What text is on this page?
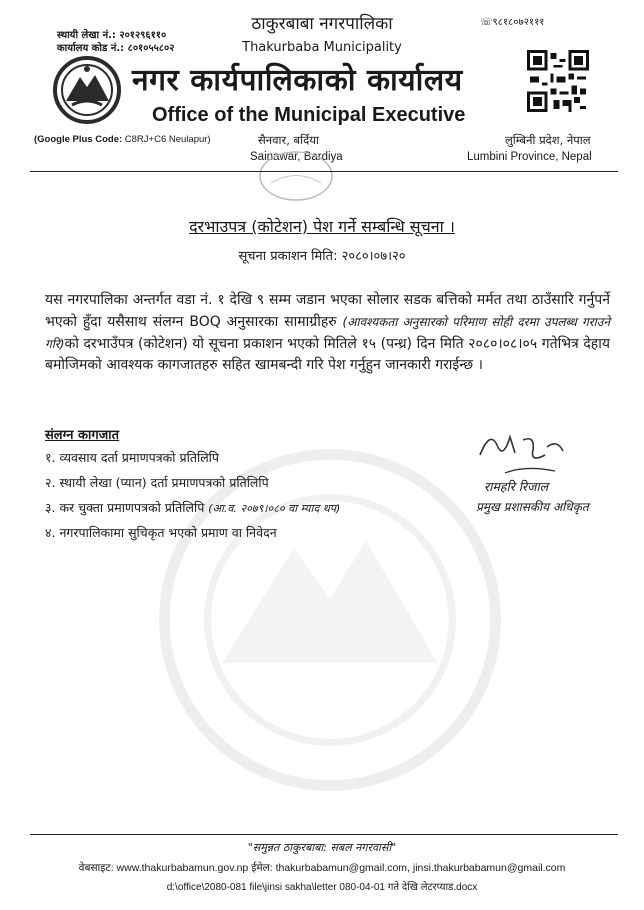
स्थायी लेखा नं.: २०१२९६११०
कार्यालय कोड नं.: ८०१०५५८०२
ठाकुरबाबा नगरपालिका
Thakurbaba Municipality
☏९८१८०७२१११
नगर कार्यपालिकाको कार्यालय
Office of the Municipal Executive
(Google Plus Code: C8RJ+C6 Neulapur)	सैनवार, बर्दिया
Sainawar, Bardiya
लुम्बिनी प्रदेश, नेपाल
Lumbini Province, Nepal
दरभाउपत्र (कोटेशन) पेश गर्ने सम्बन्धि सूचना ।
सूचना प्रकाशन मिति: २०८०।०७।२०
यस नगरपालिका अन्तर्गत वडा नं. १ देखि ९ सम्म जडान भएका सोलार सडक बत्तिको मर्मत तथा ठाउँसारि गर्नुपर्ने भएको हुँदा यसैसाथ संलग्न BOQ अनुसारका सामाग्रीहरु (आवश्यकता अनुसारको परिमाण सोही दरमा उपलब्ध गराउने गरि)को दरभाउँपत्र (कोटेशन) यो सूचना प्रकाशन भएको मितिले १५ (पन्ध्र) दिन मिति २०८०।०८।०५ गतेभित्र देहाय बमोजिमको आवश्यक कागजातहरु सहित खामबन्दी गरि पेश गर्नुहुन जानकारी गराईन्छ ।
संलग्न कागजात
१. व्यवसाय दर्ता प्रमाणपत्रको प्रतिलिपि
२. स्थायी लेखा (प्यान) दर्ता प्रमाणपत्रको प्रतिलिपि
३. कर चुक्ता प्रमाणपत्रको प्रतिलिपि (आ.व. २०७९।०८० वा म्याद थप)
४. नगरपालिकामा सुचिकृत भएको प्रमाण वा निवेदन
रामहरि रिजाल
प्रमुख प्रशासकीय अधिकृत
"समुन्नत ठाकुरबाबा: सबल नगरवासी"
वेबसाइट: www.thakurbabamun.gov.np ईमेल: thakurbabamun@gmail.com, jinsi.thakurbabamun@gmail.com
d:\office\2080-081 file\jinsi sakha\letter 080-04-01 गते देखि लेटरप्याड.docx
